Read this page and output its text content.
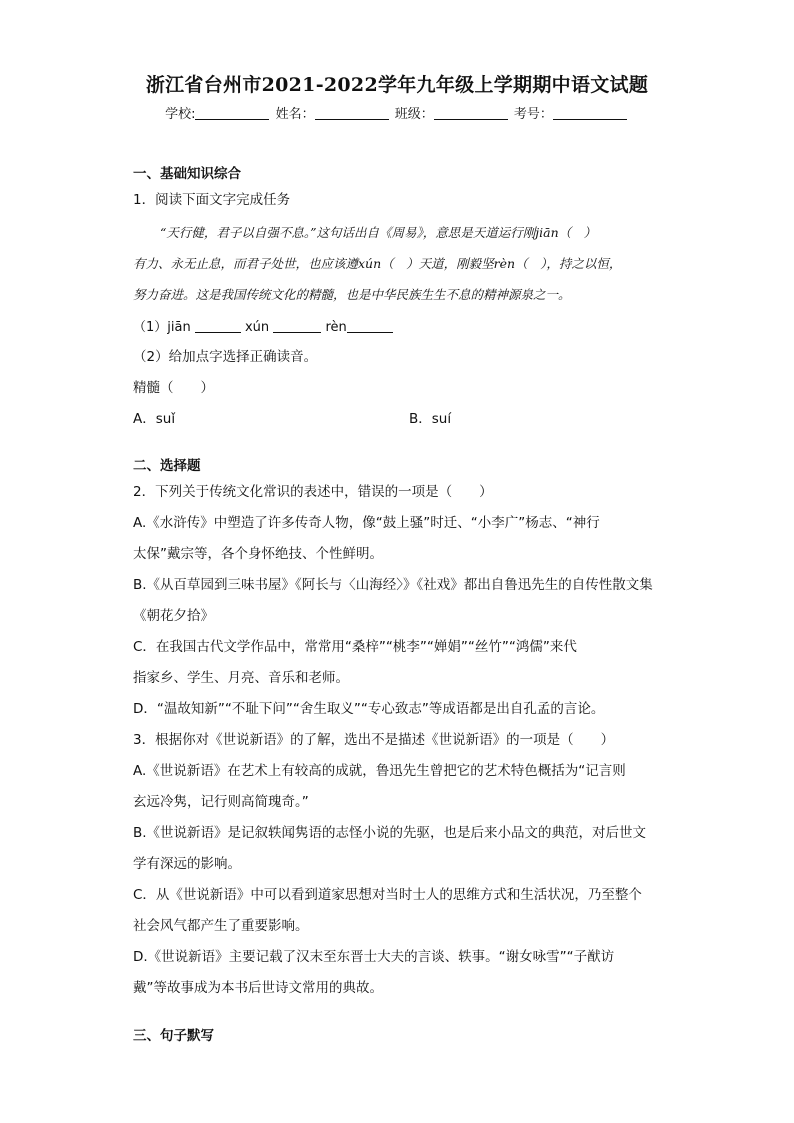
浙江省台州市2021-2022学年九年级上学期期中语文试题
学校:	姓名：	班级：	考号：
一、基础知识综合
1．阅读下面文字完成任务
“天行健，君子以自强不息。”这句话出自《周易》，意思是天道运行刚jiān（　）
有力、永无止息，而君子处世，也应该遵xún（　）天道，刚毅坚rèn（　），持之以恒，
努力奋进。这是我国传统文化的精髓，也是中华民族生生不息的精神源泉之一。
（1）jiān	xún	rèn
（2）给加点字选择正确读音。
精髓（　　）
A．suǐ	B．suí
二、选择题
2．下列关于传统文化常识的表述中，错误的一项是（　　）
A.《水浒传》中塑造了许多传奇人物，像“鼓上骚”时迁、“小李广”杨志、“神行
太保”戴宗等，各个身怀绝技、个性鲜明。
B.《从百草园到三味书屋》《阿长与〈山海经〉》《社戏》都出自鲁迅先生的自传性散文集
《朝花夕拾》
C．在我国古代文学作品中，常常用“桑梓”“桃李”“婵娟”“丝竹”“鸿儒”来代
指家乡、学生、月亮、音乐和老师。
D．“温故知新”“不耻下问”“舍生取义”“专心致志”等成语都是出自孔孟的言论。
3．根据你对《世说新语》的了解，选出不是描述《世说新语》的一项是（　　）
A.《世说新语》在艺术上有较高的成就，鲁迅先生曾把它的艺术特色概括为“记言则
玄远冷隽，记行则高简瑰奇。”
B.《世说新语》是记叙轶闻隽语的志怪小说的先驱，也是后来小品文的典范，对后世文
学有深远的影响。
C．从《世说新语》中可以看到道家思想对当时士人的思维方式和生活状况，乃至整个
社会风气都产生了重要影响。
D.《世说新语》主要记载了汉末至东晋士大夫的言谈、轶事。“谢女咏雪”“子猷访
戴”等故事成为本书后世诗文常用的典故。
三、句子默写
